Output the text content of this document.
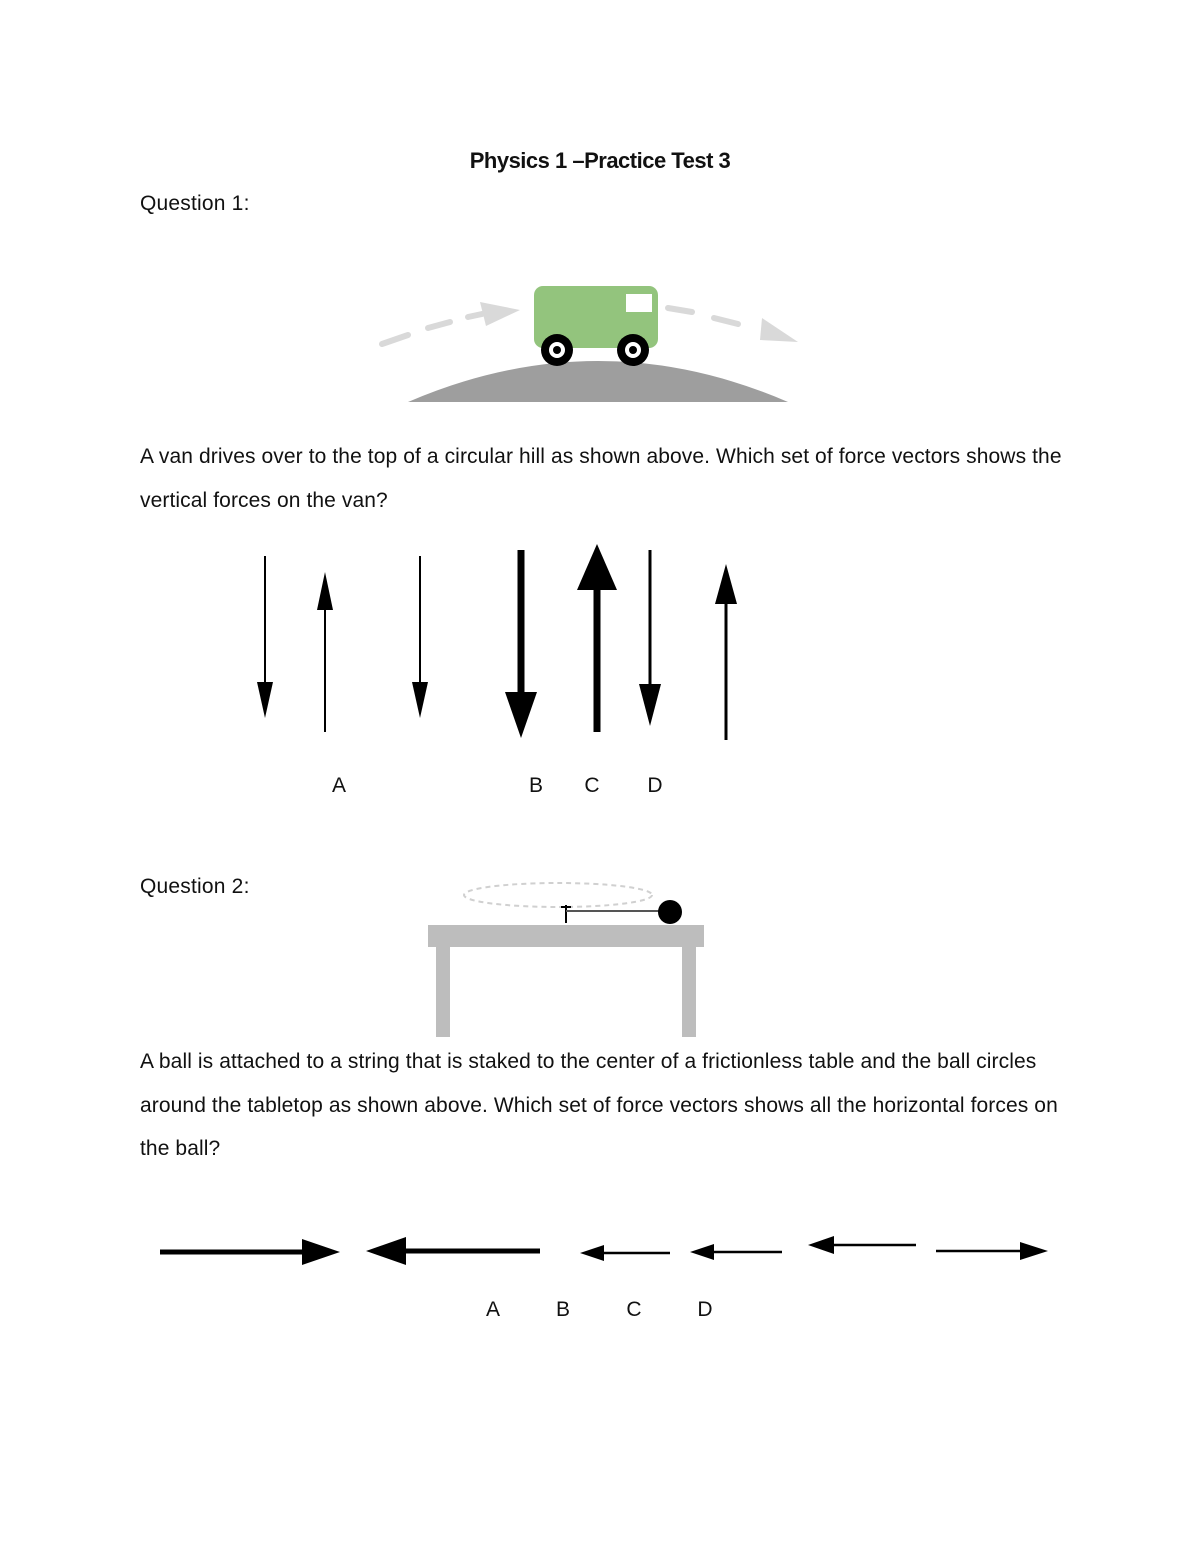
Physics 1 –Practice Test 3
Question 1:
A van drives over to the top of a circular hill as shown above. Which set of force vectors shows the vertical forces on the van?
A	B	C	D
Question 2:
A ball is attached to a string that is staked to the center of a frictionless table and the ball circles around the tabletop as shown above. Which set of force vectors shows all the horizontal forces on the ball?
A	B	C	D
